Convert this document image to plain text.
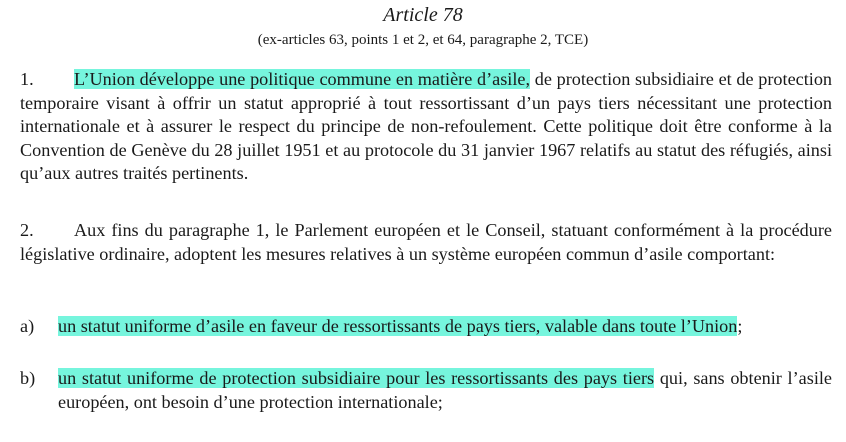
Article 78
(ex-articles 63, points 1 et 2, et 64, paragraphe 2, TCE)
1. L’Union développe une politique commune en matière d’asile, de protection subsidiaire et de protection temporaire visant à offrir un statut approprié à tout ressortissant d’un pays tiers nécessitant une protection internationale et à assurer le respect du principe de non-refoulement. Cette politique doit être conforme à la Convention de Genève du 28 juillet 1951 et au protocole du 31 janvier 1967 relatifs au statut des réfugiés, ainsi qu’aux autres traités pertinents.
2. Aux fins du paragraphe 1, le Parlement européen et le Conseil, statuant conformément à la procédure législative ordinaire, adoptent les mesures relatives à un système européen commun d’asile comportant:
a) un statut uniforme d’asile en faveur de ressortissants de pays tiers, valable dans toute l’Union;
b) un statut uniforme de protection subsidiaire pour les ressortissants des pays tiers qui, sans obtenir l’asile européen, ont besoin d’une protection internationale;
